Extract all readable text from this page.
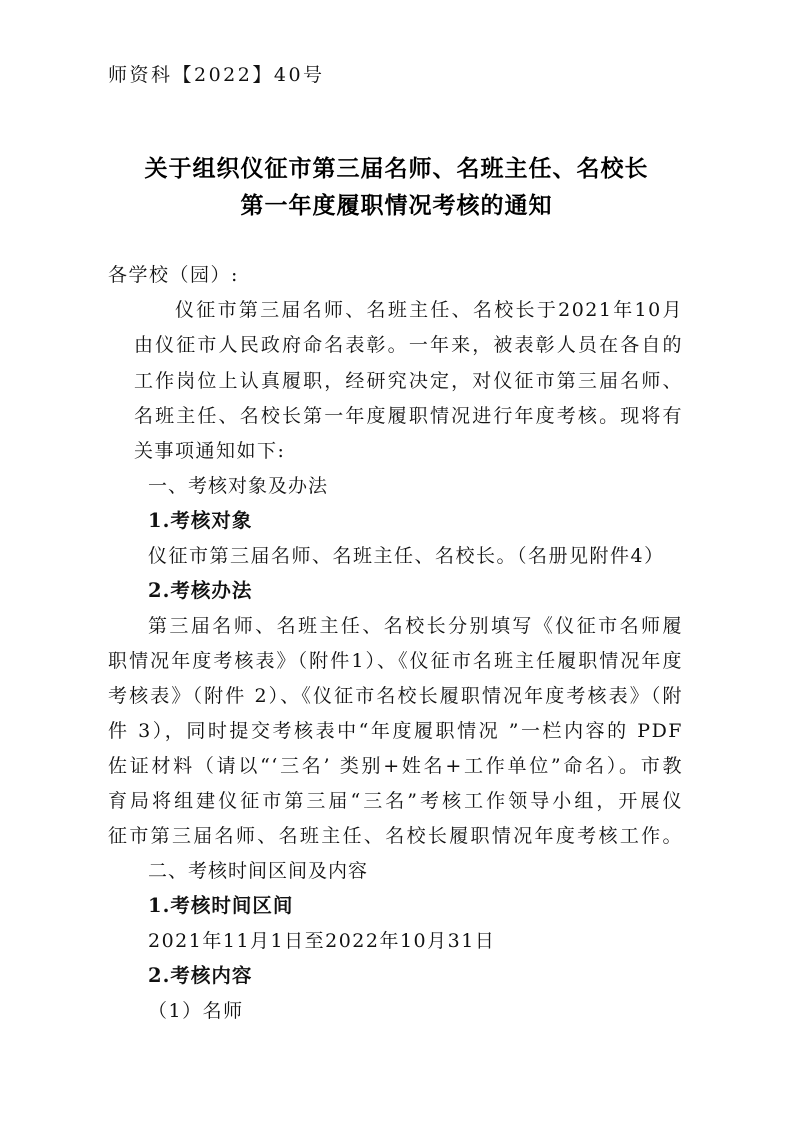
师资科【2022】40号

关于组织仪征市第三届名师、名班主任、名校长

第一年度履职情况考核的通知

各学校（园）:

仪征市第三届名师、名班主任、名校长于2021年10月

由仪征市人民政府命名表彰。一年来，被表彰人员在各自的

工作岗位上认真履职，经研究决定，对仪征市第三届名师、

名班主任、名校长第一年度履职情况进行年度考核。现将有

关事项通知如下:

一、考核对象及办法

1.考核对象

仪征市第三届名师、名班主任、名校长。（名册见附件4）

2.考核办法

第三届名师、名班主任、名校长分别填写《仪征市名师履

职情况年度考核表》（附件1）、《仪征市名班主任履职情况年度

考核表》（附件 2）、《仪征市名校长履职情况年度考核表》（附

件 3），同时提交考核表中“年度履职情况 ”一栏内容的 PDF

佐证材料（请以“‘三名’ 类别+姓名+工作单位”命名）。市教

育局将组建仪征市第三届“三名”考核工作领导小组，开展仪

征市第三届名师、名班主任、名校长履职情况年度考核工作。

二、考核时间区间及内容

1.考核时间区间

2021年11月1日至2022年10月31日

2.考核内容

（1）名师
